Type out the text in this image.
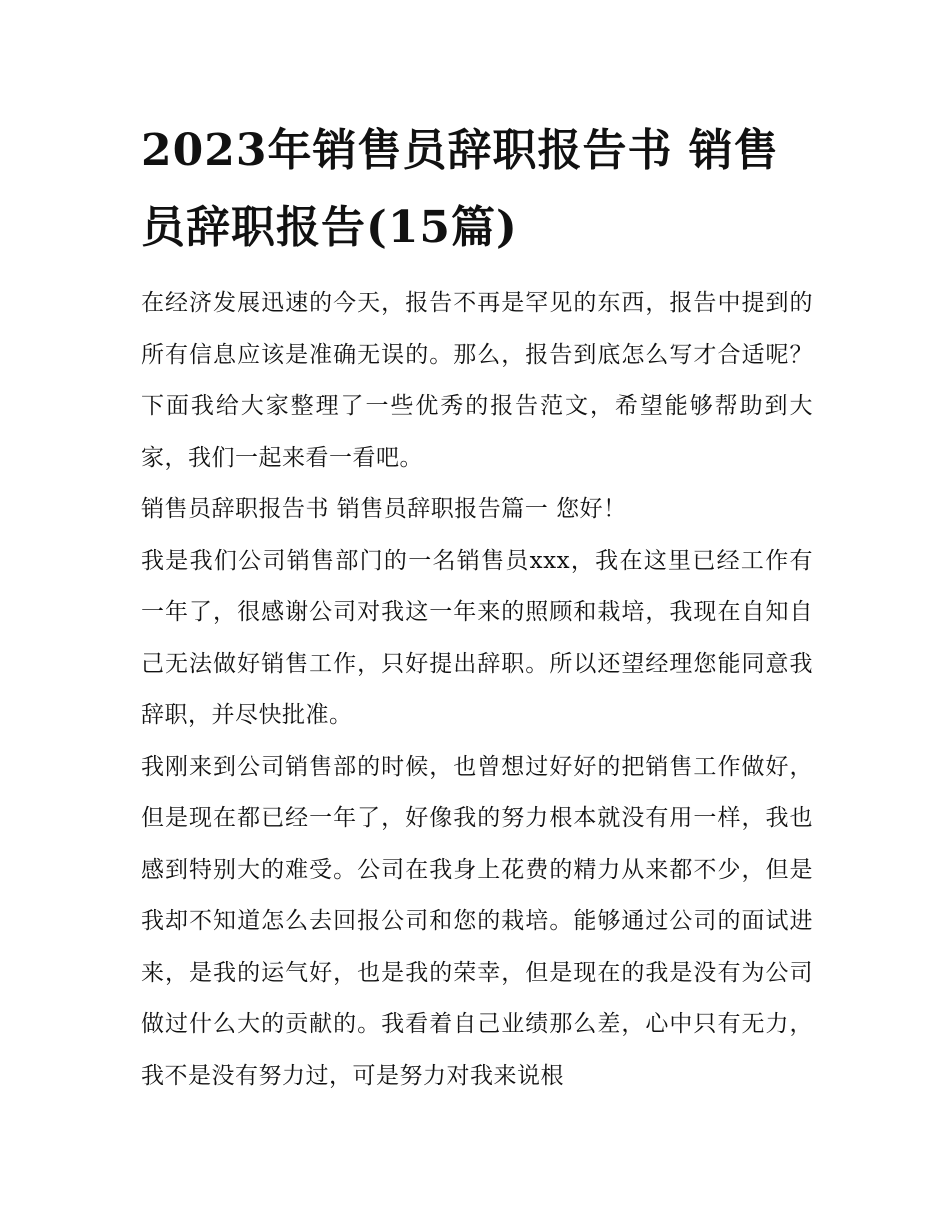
2023年销售员辞职报告书 销售员辞职报告(15篇)

在经济发展迅速的今天，报告不再是罕见的东西，报告中提到的所有信息应该是准确无误的。那么，报告到底怎么写才合适呢？下面我给大家整理了一些优秀的报告范文，希望能够帮助到大家，我们一起来看一看吧。

销售员辞职报告书 销售员辞职报告篇一 您好！

我是我们公司销售部门的一名销售员xxx，我在这里已经工作有一年了，很感谢公司对我这一年来的照顾和栽培，我现在自知自己无法做好销售工作，只好提出辞职。所以还望经理您能同意我辞职，并尽快批准。

我刚来到公司销售部的时候，也曾想过好好的把销售工作做好，但是现在都已经一年了，好像我的努力根本就没有用一样，我也感到特别大的难受。公司在我身上花费的精力从来都不少，但是我却不知道怎么去回报公司和您的栽培。能够通过公司的面试进来，是我的运气好，也是我的荣幸，但是现在的我是没有为公司做过什么大的贡献的。我看着自己业绩那么差，心中只有无力，我不是没有努力过，可是努力对我来说根
